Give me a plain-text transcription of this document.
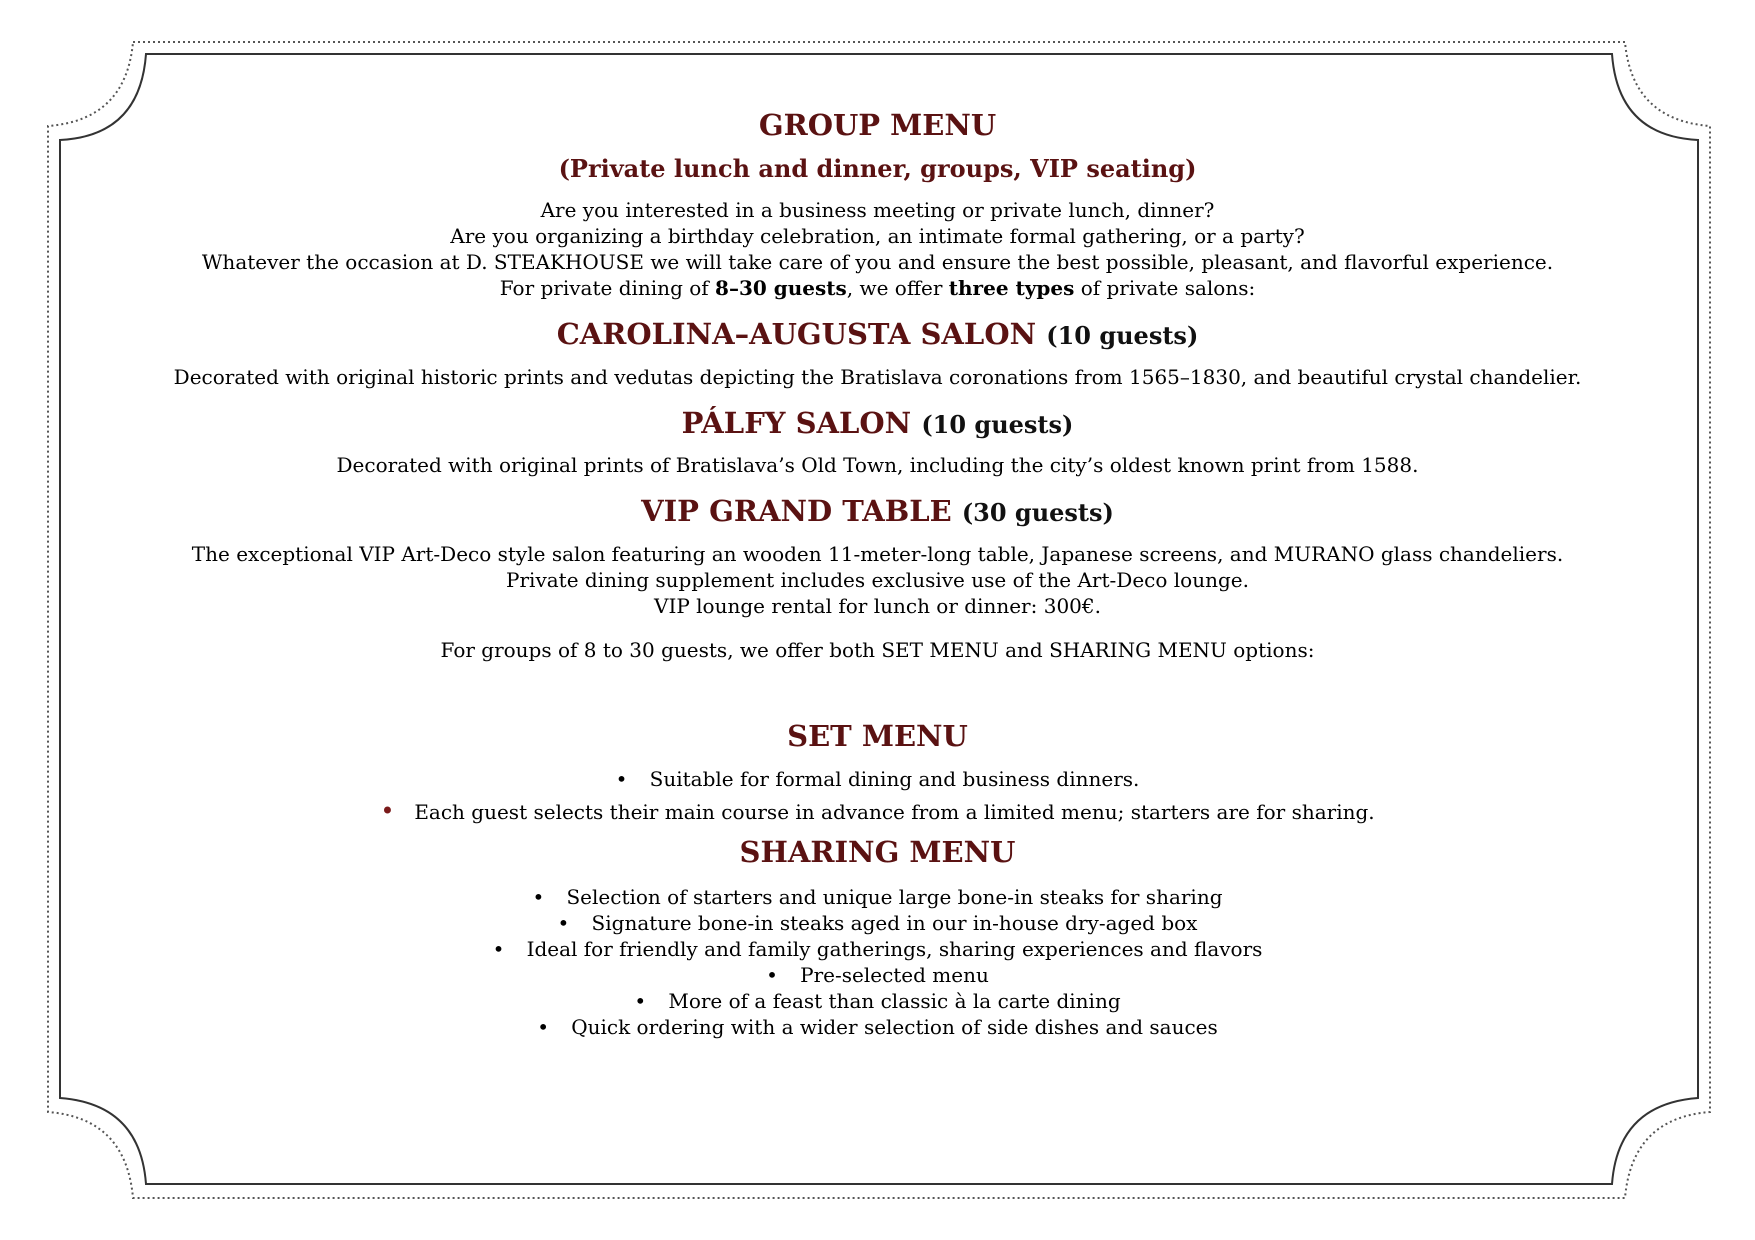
GROUP MENU
(Private lunch and dinner, groups, VIP seating)

Are you interested in a business meeting or private lunch, dinner?

Are you organizing a birthday celebration, an intimate formal gathering, or a party?

Whatever the occasion at D. STEAKHOUSE we will take care of you and ensure the best possible, pleasant, and flavorful experience.

For private dining of 8–30 guests, we offer three types of private salons:

CAROLINA–AUGUSTA SALON (10 guests)

Decorated with original historic prints and vedutas depicting the Bratislava coronations from 1565–1830, and beautiful crystal chandelier.

PÁLFY SALON (10 guests)

Decorated with original prints of Bratislava’s Old Town, including the city’s oldest known print from 1588.

VIP GRAND TABLE (30 guests)

The exceptional VIP Art-Deco style salon featuring an wooden 11-meter-long table, Japanese screens, and MURANO glass chandeliers.

Private dining supplement includes exclusive use of the Art-Deco lounge.

VIP lounge rental for lunch or dinner: 300€.

For groups of 8 to 30 guests, we offer both SET MENU and SHARING MENU options:

SET MENU
• Suitable for formal dining and business dinners.
• Each guest selects their main course in advance from a limited menu; starters are for sharing.
SHARING MENU
• Selection of starters and unique large bone-in steaks for sharing
• Signature bone-in steaks aged in our in-house dry-aged box
• Ideal for friendly and family gatherings, sharing experiences and flavors
• Pre-selected menu
• More of a feast than classic à la carte dining
• Quick ordering with a wider selection of side dishes and sauces
